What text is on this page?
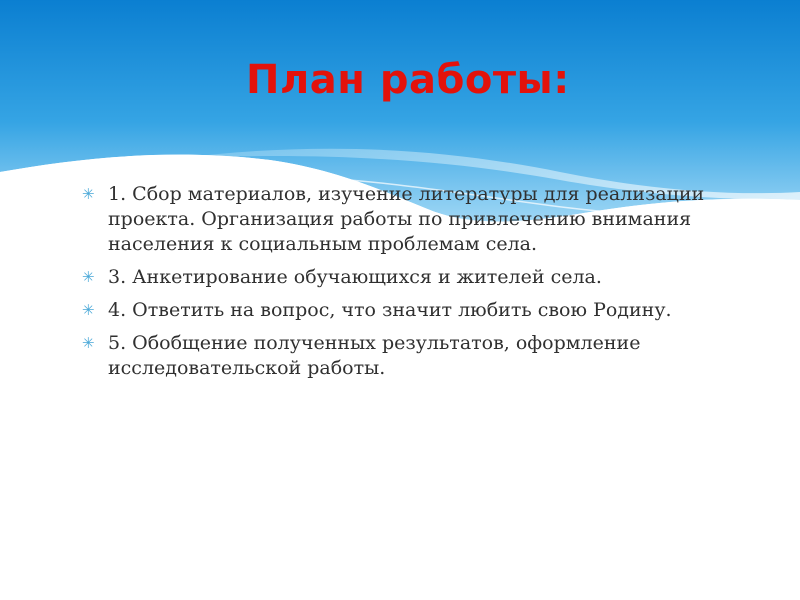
План работы:
✳ 1. Сбор материалов, изучение литературы для реализации проекта. Организация работы по привлечению внимания населения к социальным проблемам села.
✳ 3. Анкетирование обучающихся и жителей села.
✳ 4. Ответить на вопрос, что значит любить свою Родину.
✳ 5. Обобщение полученных результатов, оформление исследовательской работы.
